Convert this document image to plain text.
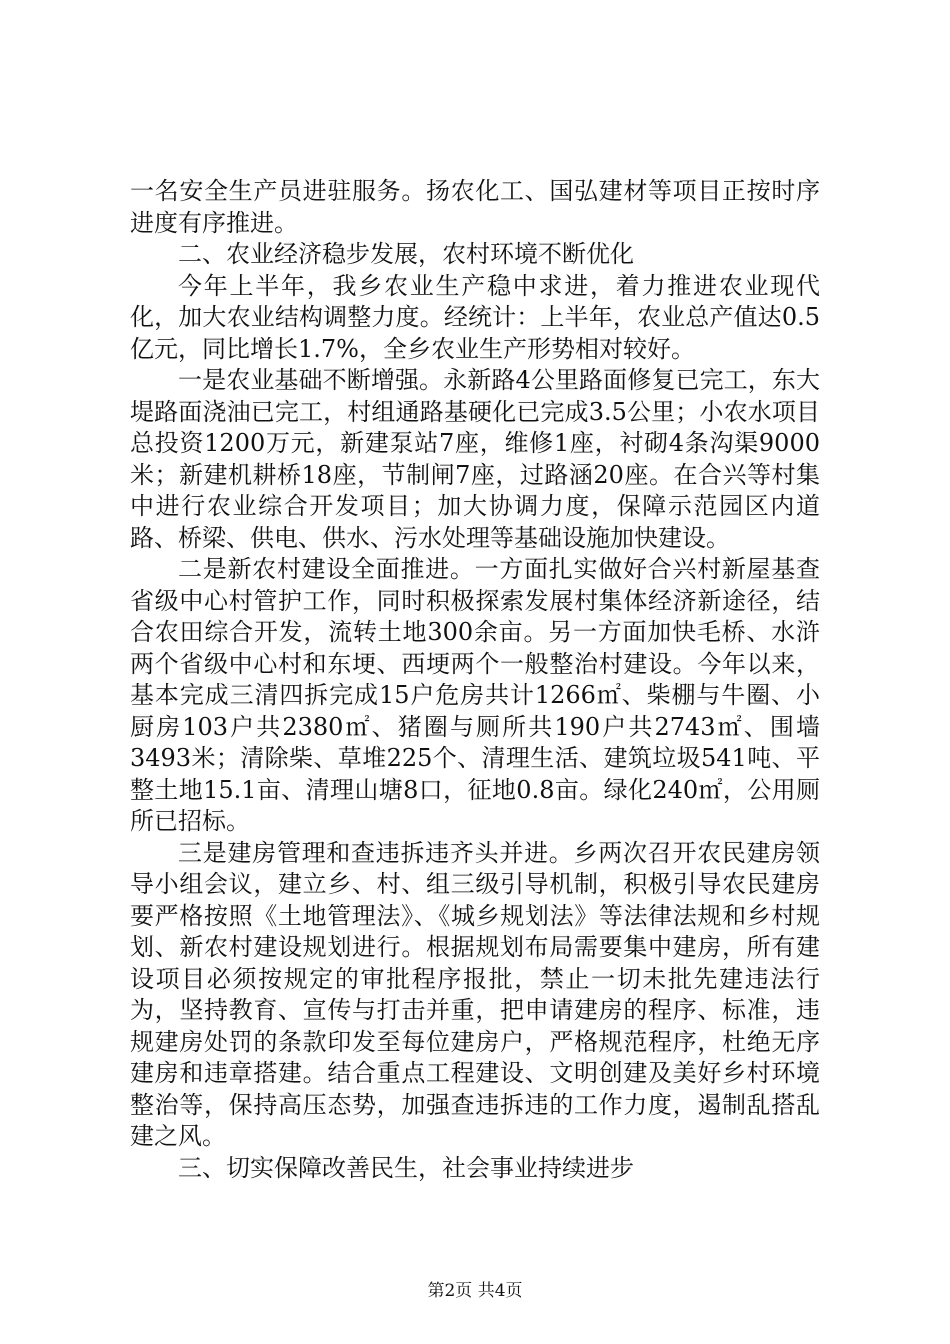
一名安全生产员进驻服务。扬农化工、国弘建材等项目正按时序进度有序推进。

二、农业经济稳步发展，农村环境不断优化

今年上半年，我乡农业生产稳中求进，着力推进农业现代化，加大农业结构调整力度。经统计：上半年，农业总产值达0.5亿元，同比增长1.7%，全乡农业生产形势相对较好。

一是农业基础不断增强。永新路4公里路面修复已完工，东大堤路面浇油已完工，村组通路基硬化已完成3.5公里；小农水项目总投资1200万元，新建泵站7座，维修1座，衬砌4条沟渠9000米；新建机耕桥18座，节制闸7座，过路涵20座。在合兴等村集中进行农业综合开发项目；加大协调力度，保障示范园区内道路、桥梁、供电、供水、污水处理等基础设施加快建设。

二是新农村建设全面推进。一方面扎实做好合兴村新屋基查省级中心村管护工作，同时积极探索发展村集体经济新途径，结合农田综合开发，流转土地300余亩。另一方面加快毛桥、水浒两个省级中心村和东埂、西埂两个一般整治村建设。今年以来，基本完成三清四拆完成15户危房共计1266㎡、柴棚与牛圈、小厨房103户共2380㎡、猪圈与厕所共190户共2743㎡、围墙3493米；清除柴、草堆225个、清理生活、建筑垃圾541吨、平整土地15.1亩、清理山塘8口，征地0.8亩。绿化240㎡，公用厕所已招标。

三是建房管理和查违拆违齐头并进。乡两次召开农民建房领导小组会议，建立乡、村、组三级引导机制，积极引导农民建房要严格按照《土地管理法》、《城乡规划法》等法律法规和乡村规划、新农村建设规划进行。根据规划布局需要集中建房，所有建设项目必须按规定的审批程序报批，禁止一切未批先建违法行为，坚持教育、宣传与打击并重，把申请建房的程序、标准，违规建房处罚的条款印发至每位建房户，严格规范程序，杜绝无序建房和违章搭建。结合重点工程建设、文明创建及美好乡村环境整治等，保持高压态势，加强查违拆违的工作力度，遏制乱搭乱建之风。

三、切实保障改善民生，社会事业持续进步

第2页 共4页
